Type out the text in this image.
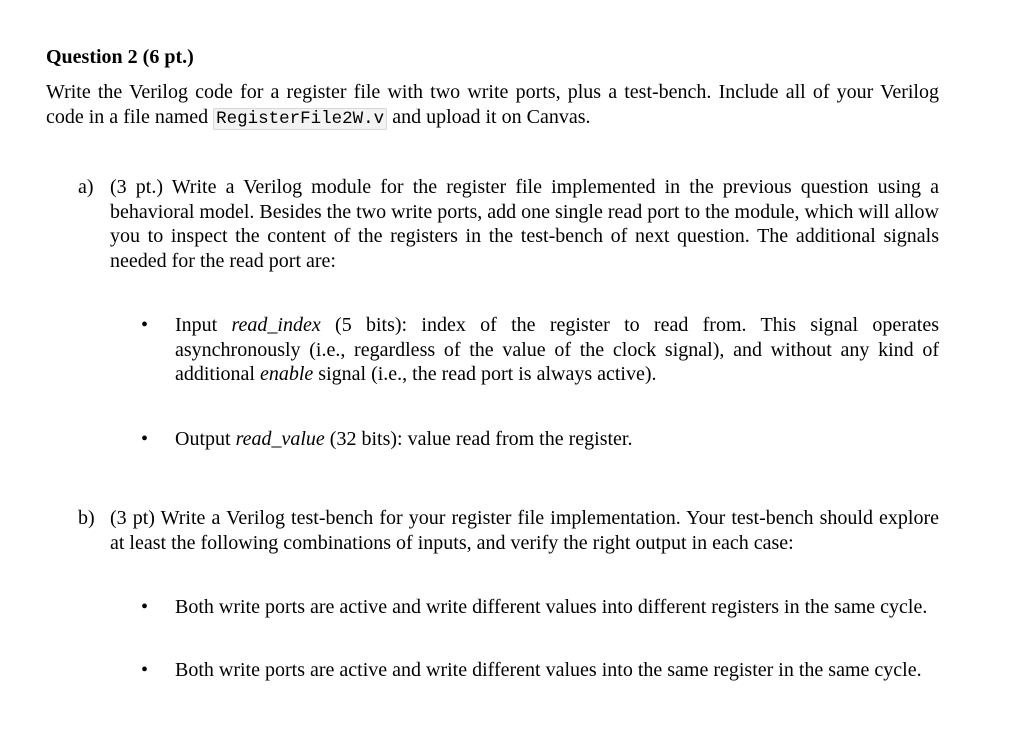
Question 2 (6 pt.)

Write the Verilog code for a register file with two write ports, plus a test-bench. Include all of your Verilog code in a file named RegisterFile2W.v and upload it on Canvas.

a) (3 pt.) Write a Verilog module for the register file implemented in the previous question using a behavioral model. Besides the two write ports, add one single read port to the module, which will allow you to inspect the content of the registers in the test-bench of next question. The additional signals needed for the read port are:
• Input read_index (5 bits): index of the register to read from. This signal operates asynchronously (i.e., regardless of the value of the clock signal), and without any kind of additional enable signal (i.e., the read port is always active).
• Output read_value (32 bits): value read from the register.
b) (3 pt) Write a Verilog test-bench for your register file implementation. Your test-bench should explore at least the following combinations of inputs, and verify the right output in each case:
• Both write ports are active and write different values into different registers in the same cycle.
• Both write ports are active and write different values into the same register in the same cycle.
